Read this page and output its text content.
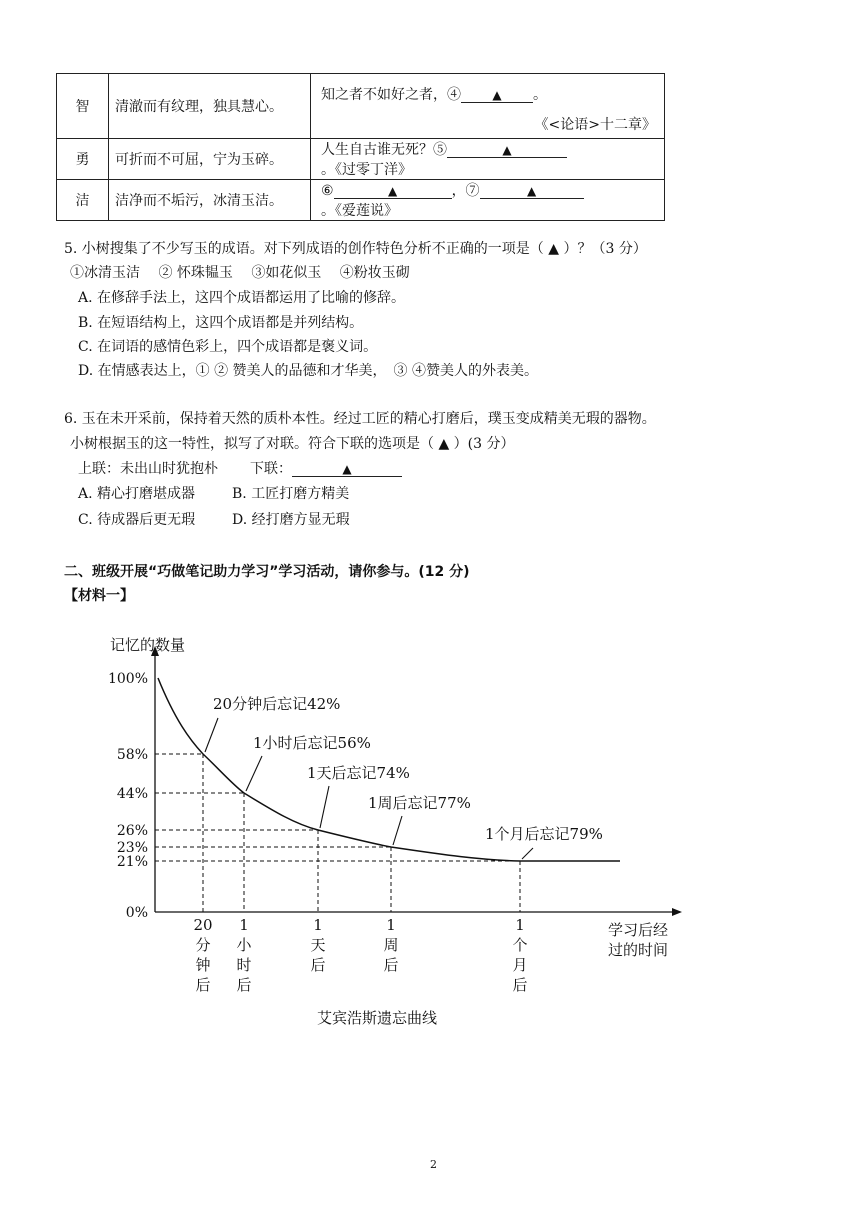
智	清澈而有纹理，独具慧心。	知之者不如好之者，④ ▲ 。
《<论语>十二章》

勇	可折而不可屈，宁为玉碎。	人生自古谁无死？⑤ ▲。《过零丁洋》
洁	洁净而不垢污，冰清玉洁。	⑥ ▲ ，⑦ ▲。《爱莲说》
5. 小树搜集了不少写玉的成语。对下列成语的创作特色分析不正确的一项是（ ▲ ）？（3 分）
①冰清玉洁　 ② 怀珠韫玉　 ③如花似玉　 ④粉妆玉砌
A. 在修辞手法上，这四个成语都运用了比喻的修辞。
B. 在短语结构上，这四个成语都是并列结构。
C. 在词语的感情色彩上，四个成语都是褒义词。
D. 在情感表达上，① ② 赞美人的品德和才华美，　③ ④赞美人的外表美。
6. 玉在未开采前，保持着天然的质朴本性。经过工匠的精心打磨后，璞玉变成精美无瑕的器物。
小树根据玉的这一特性，拟写了对联。符合下联的选项是（ ▲ ）(3 分）
上联：未出山时犹抱朴 下联：	▲
A. 精心打磨堪成器	B. 工匠打磨方精美
C. 待成器后更无瑕	D. 经打磨方显无瑕
二、班级开展“巧做笔记助力学习”学习活动，请你参与。(12 分)
【材料一】
记忆的数量
100%
58%
44%
26%
23%
21%
0%
20分钟后忘记42%
1小时后忘记56%
1天后忘记74%
1周后忘记77%
1个月后忘记79%
20 分钟后
1 小时后
1 天后
1 周后
1 个月后
学习后经过的时间
艾宾浩斯遗忘曲线
2
